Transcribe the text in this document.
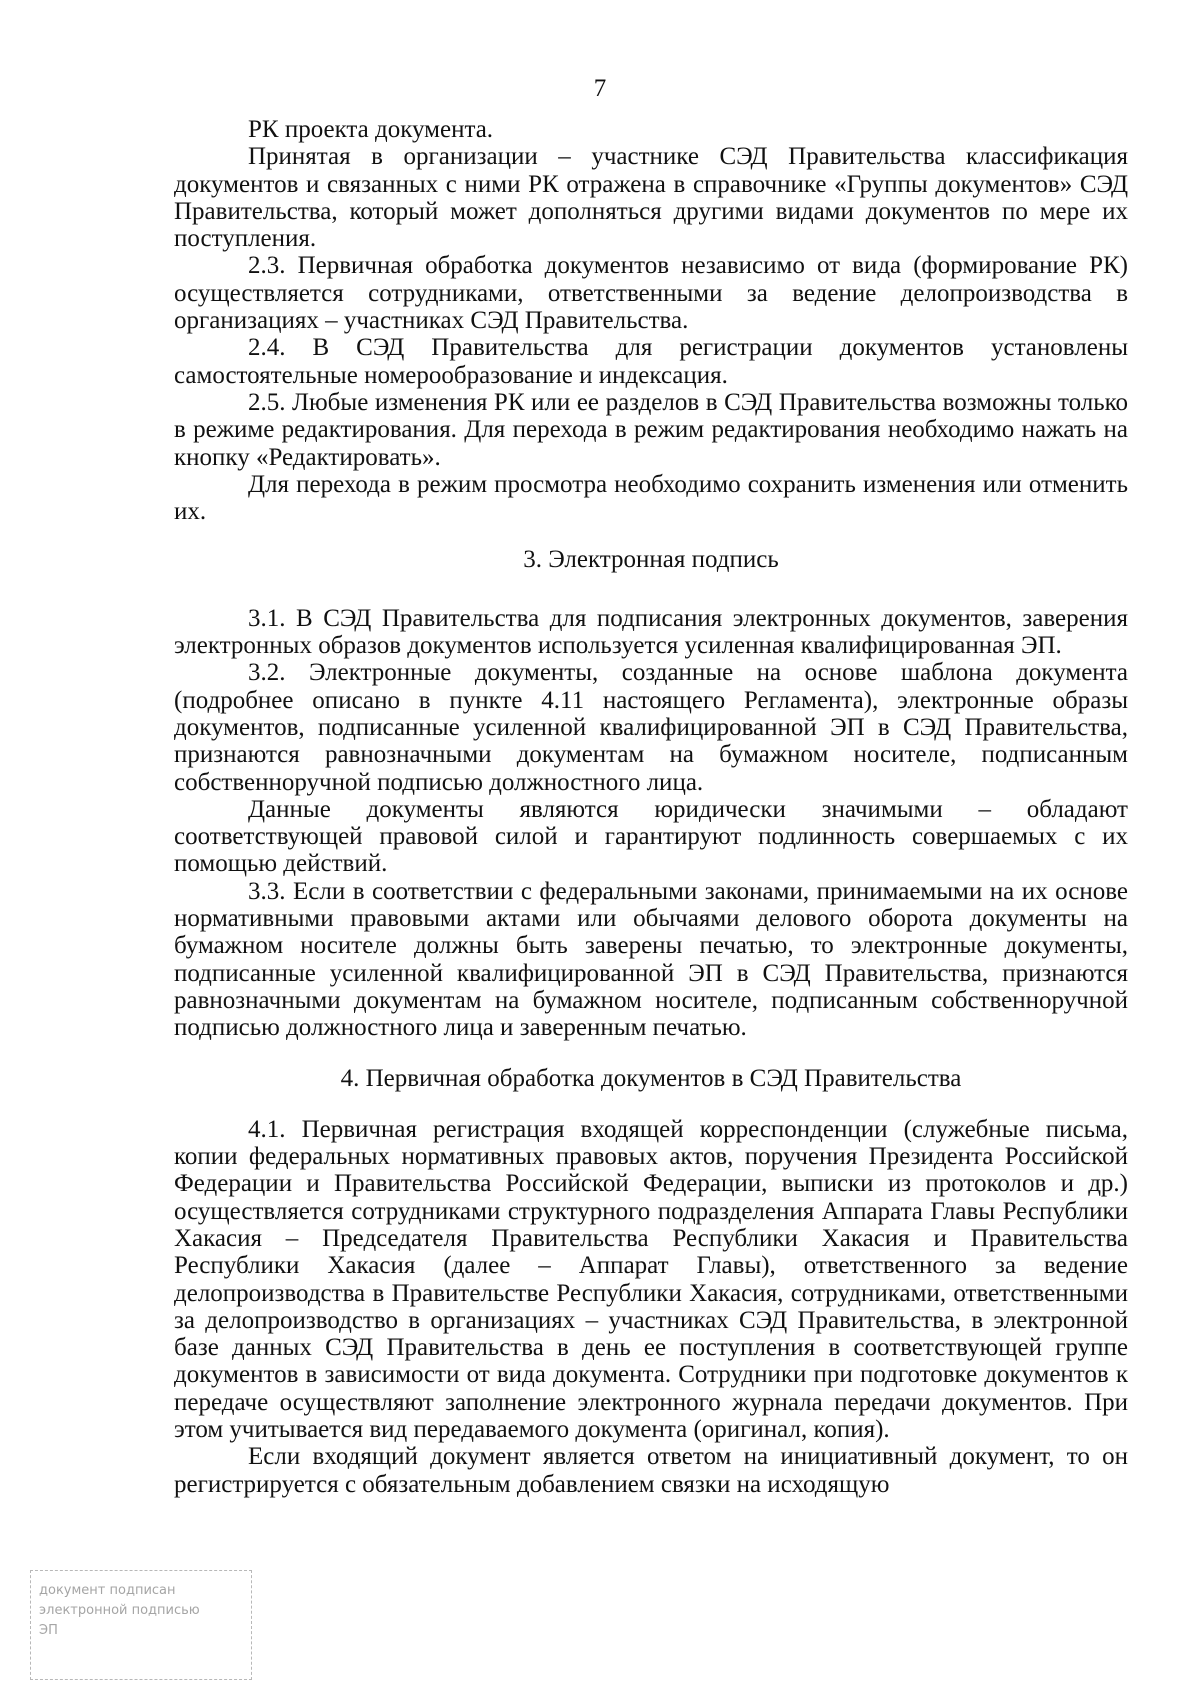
7

РК проекта документа.

Принятая в организации – участнике СЭД Правительства классификация документов и связанных с ними РК отражена в справочнике «Группы документов» СЭД Правительства, который может дополняться другими видами документов по мере их поступления.

2.3. Первичная обработка документов независимо от вида (формирование РК) осуществляется сотрудниками, ответственными за ведение делопроизводства в организациях – участниках СЭД Правительства.

2.4. В СЭД Правительства для регистрации документов установлены самостоятельные номерообразование и индексация.

2.5. Любые изменения РК или ее разделов в СЭД Правительства возможны только в режиме редактирования. Для перехода в режим редактирования необходимо нажать на кнопку «Редактировать».

Для перехода в режим просмотра необходимо сохранить изменения или отменить их.

3. Электронная подпись

3.1. В СЭД Правительства для подписания электронных документов, заверения электронных образов документов используется усиленная квалифицированная ЭП.

3.2. Электронные документы, созданные на основе шаблона документа (подробнее описано в пункте 4.11 настоящего Регламента), электронные образы документов, подписанные усиленной квалифицированной ЭП в СЭД Правительства, признаются равнозначными документам на бумажном носителе, подписанным собственноручной подписью должностного лица.

Данные документы являются юридически значимыми – обладают соответствующей правовой силой и гарантируют подлинность совершаемых с их помощью действий.

3.3. Если в соответствии с федеральными законами, принимаемыми на их основе нормативными правовыми актами или обычаями делового оборота документы на бумажном носителе должны быть заверены печатью, то электронные документы, подписанные усиленной квалифицированной ЭП в СЭД Правительства, признаются равнозначными документам на бумажном носителе, подписанным собственноручной подписью должностного лица и заверенным печатью.

4. Первичная обработка документов в СЭД Правительства

4.1. Первичная регистрация входящей корреспонденции (служебные письма, копии федеральных нормативных правовых актов, поручения Президента Российской Федерации и Правительства Российской Федерации, выписки из протоколов и др.) осуществляется сотрудниками структурного подразделения Аппарата Главы Республики Хакасия – Председателя Правительства Республики Хакасия и Правительства Республики Хакасия (далее – Аппарат Главы), ответственного за ведение делопроизводства в Правительстве Республики Хакасия, сотрудниками, ответственными за делопроизводство в организациях – участниках СЭД Правительства, в электронной базе данных СЭД Правительства в день ее поступления в соответствующей группе документов в зависимости от вида документа. Сотрудники при подготовке документов к передаче осуществляют заполнение электронного журнала передачи документов. При этом учитывается вид передаваемого документа (оригинал, копия).

Если входящий документ является ответом на инициативный документ, то он регистрируется с обязательным добавлением связки на исходящую

документ подписан
электронной подписью
ЭП
